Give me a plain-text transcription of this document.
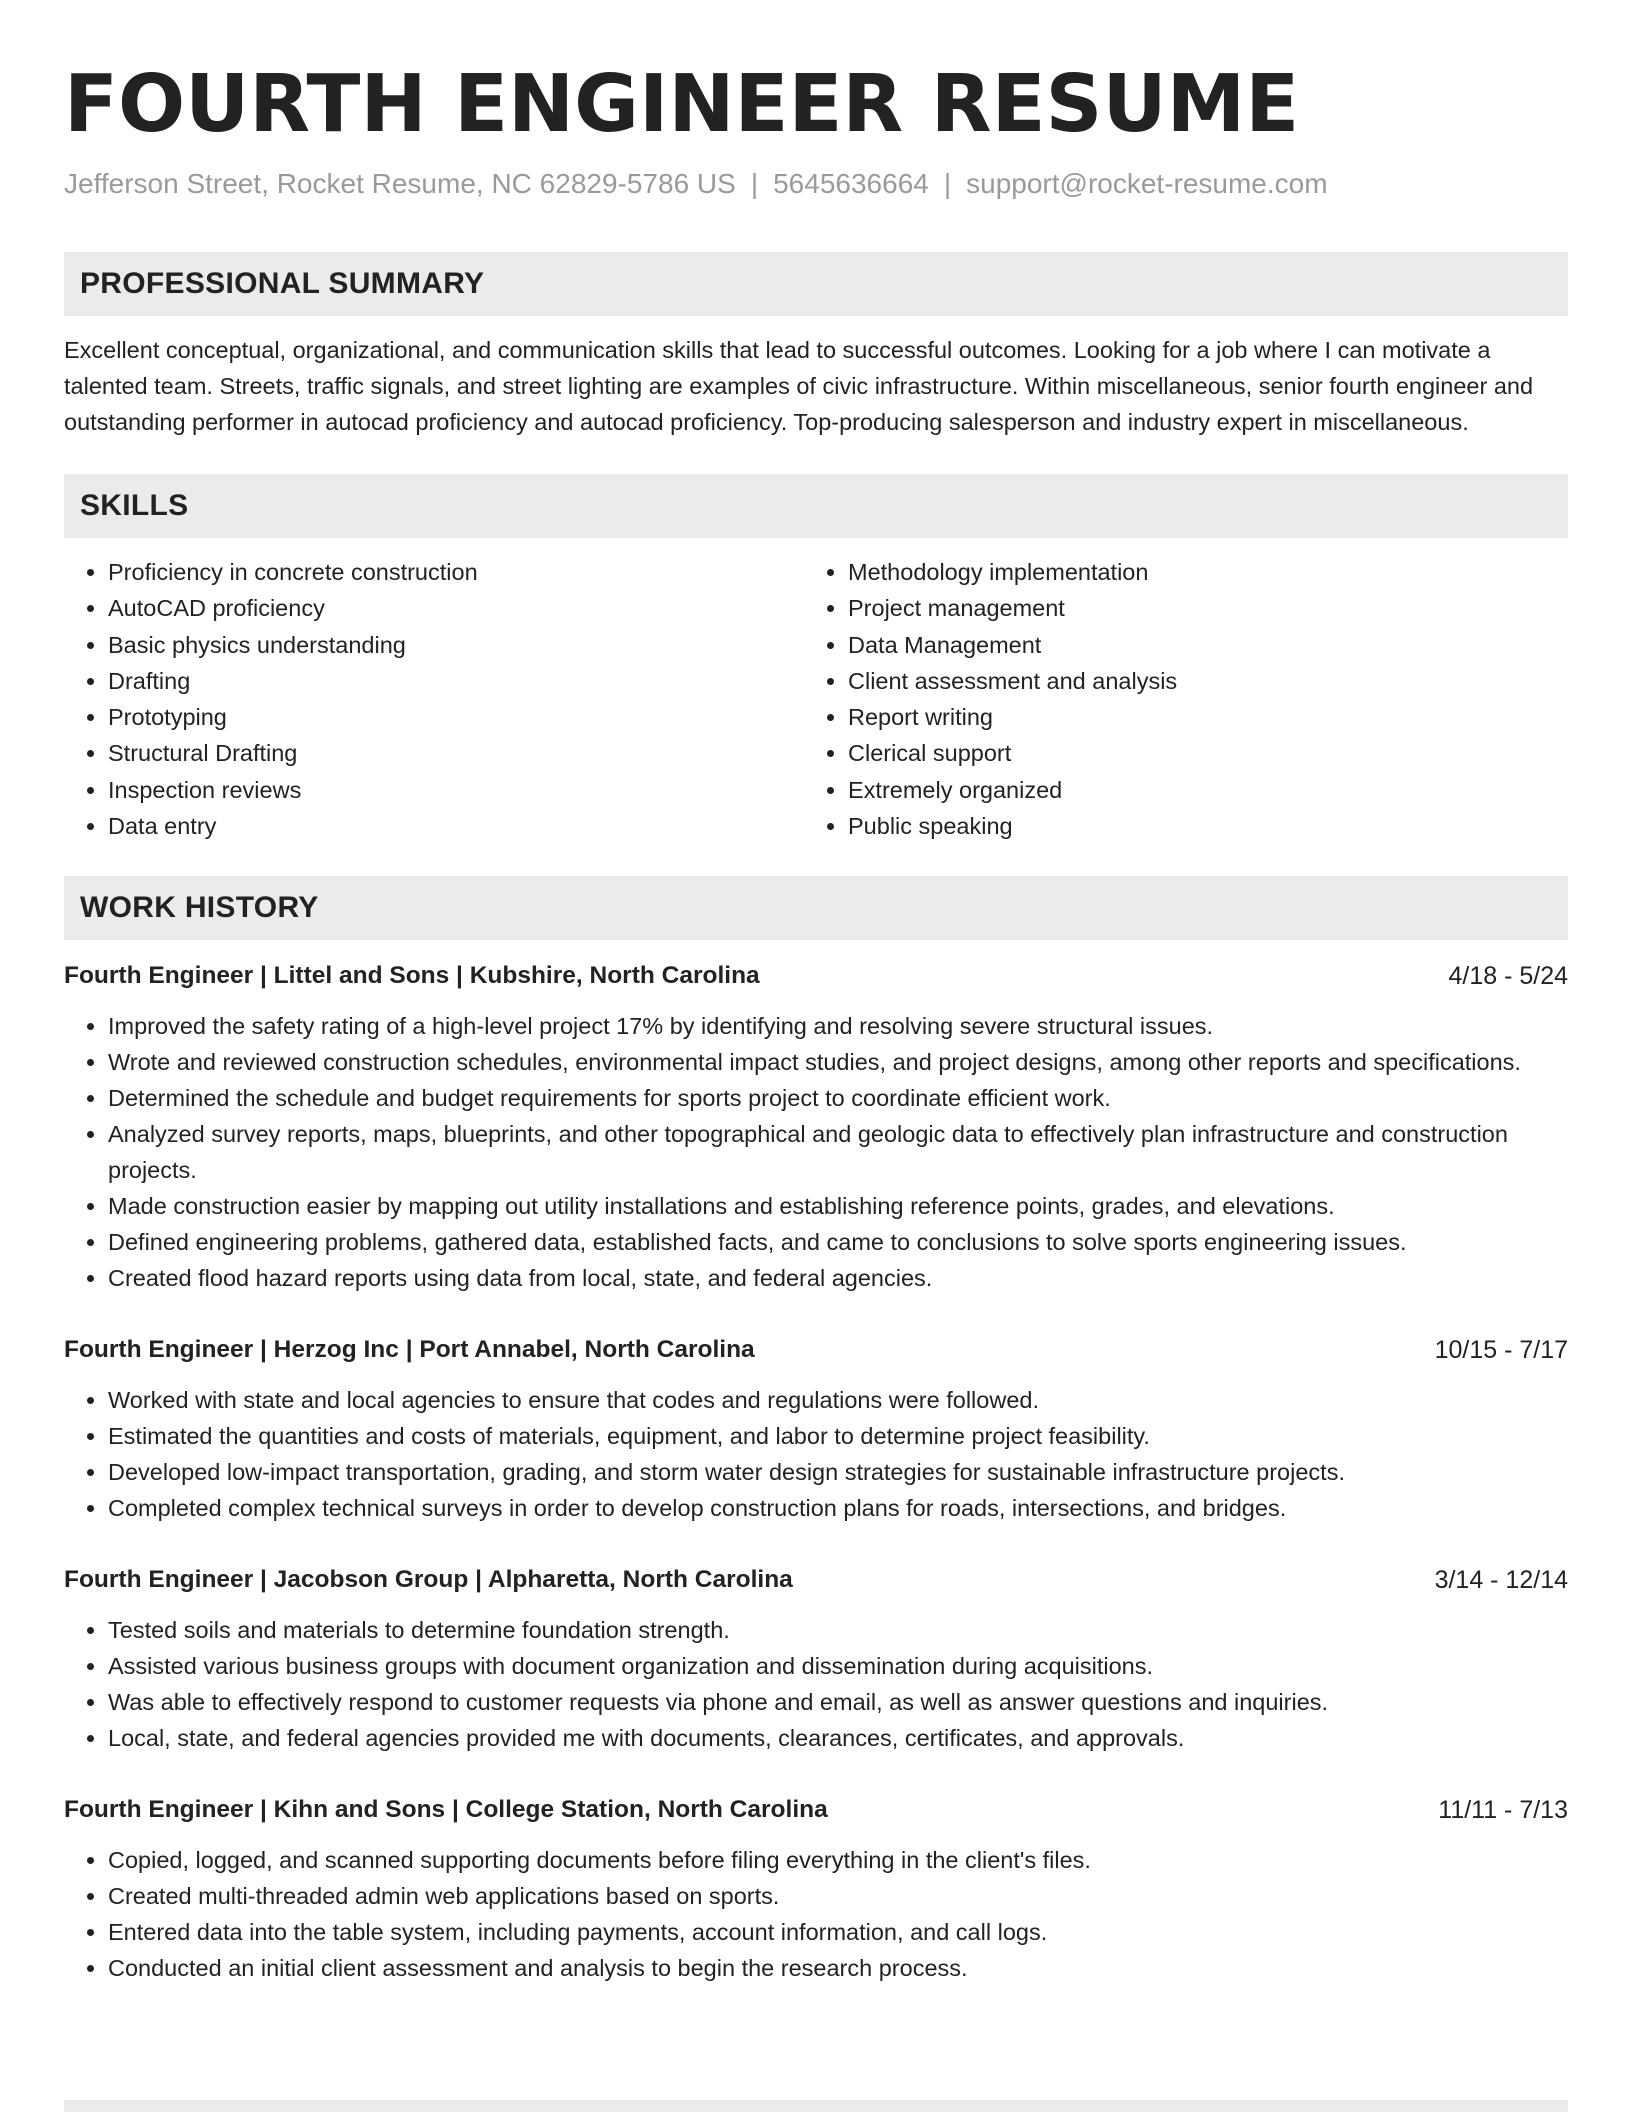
FOURTH ENGINEER RESUME
Jefferson Street, Rocket Resume, NC 62829-5786 US | 5645636664 | support@rocket-resume.com
PROFESSIONAL SUMMARY
Excellent conceptual, organizational, and communication skills that lead to successful outcomes. Looking for a job where I can motivate a talented team. Streets, traffic signals, and street lighting are examples of civic infrastructure. Within miscellaneous, senior fourth engineer and outstanding performer in autocad proficiency and autocad proficiency. Top-producing salesperson and industry expert in miscellaneous.
SKILLS
• Proficiency in concrete construction
• AutoCAD proficiency
• Basic physics understanding
• Drafting
• Prototyping
• Structural Drafting
• Inspection reviews
• Data entry
• Methodology implementation
• Project management
• Data Management
• Client assessment and analysis
• Report writing
• Clerical support
• Extremely organized
• Public speaking
WORK HISTORY
Fourth Engineer | Littel and Sons | Kubshire, North Carolina	4/18 - 5/24
• Improved the safety rating of a high-level project 17% by identifying and resolving severe structural issues.
• Wrote and reviewed construction schedules, environmental impact studies, and project designs, among other reports and specifications.
• Determined the schedule and budget requirements for sports project to coordinate efficient work.
• Analyzed survey reports, maps, blueprints, and other topographical and geologic data to effectively plan infrastructure and construction projects.
• Made construction easier by mapping out utility installations and establishing reference points, grades, and elevations.
• Defined engineering problems, gathered data, established facts, and came to conclusions to solve sports engineering issues.
• Created flood hazard reports using data from local, state, and federal agencies.
Fourth Engineer | Herzog Inc | Port Annabel, North Carolina	10/15 - 7/17
• Worked with state and local agencies to ensure that codes and regulations were followed.
• Estimated the quantities and costs of materials, equipment, and labor to determine project feasibility.
• Developed low-impact transportation, grading, and storm water design strategies for sustainable infrastructure projects.
• Completed complex technical surveys in order to develop construction plans for roads, intersections, and bridges.
Fourth Engineer | Jacobson Group | Alpharetta, North Carolina	3/14 - 12/14
• Tested soils and materials to determine foundation strength.
• Assisted various business groups with document organization and dissemination during acquisitions.
• Was able to effectively respond to customer requests via phone and email, as well as answer questions and inquiries.
• Local, state, and federal agencies provided me with documents, clearances, certificates, and approvals.
Fourth Engineer | Kihn and Sons | College Station, North Carolina	11/11 - 7/13
• Copied, logged, and scanned supporting documents before filing everything in the client's files.
• Created multi-threaded admin web applications based on sports.
• Entered data into the table system, including payments, account information, and call logs.
• Conducted an initial client assessment and analysis to begin the research process.
